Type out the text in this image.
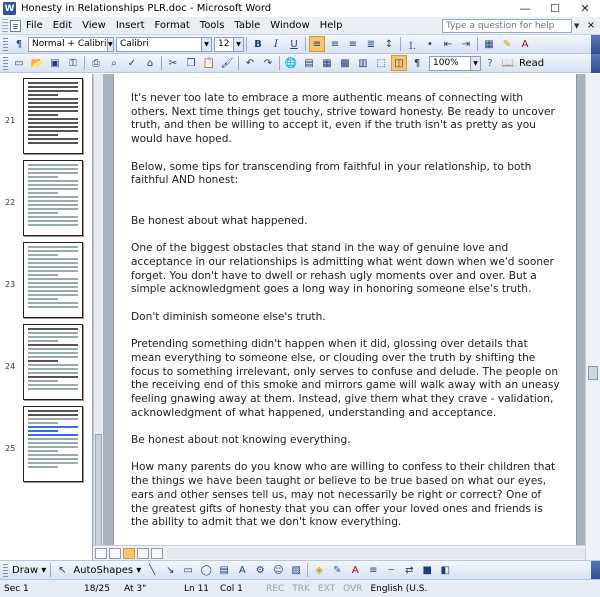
W Honesty in Relationships PLR.doc - Microsoft Word	—	☐	✕
File	Edit	View	Insert	Format	Tools	Table	Window	Help	Type a question for help	▼ ×
¶	Normal + Calibri ▼ Calibri	▼ 12	▼	B	I	U	≡ ≡ ≡ ≣ ↕	⒈	•	⇤ ⇥	▦ ✎	A
▭ 📂 ▣ ⚿	⎙	⌕	✓	⌂	✂ ❐ 📋 🖌	↶ ↷	🌐 ▤ ▦ ▩ ▥ ⬚ ◫	¶	100%	▼ ? 📖 Read
21
22
23
24
25

It's never too late to embrace a more authentic means of connecting with others. Next time things get touchy, strive toward honesty. Be ready to uncover truth, and then be willing to accept it, even if the truth isn't as pretty as you would have hoped.

Below, some tips for transcending from faithful in your relationship, to both faithful AND honest:

Be honest about what happened.

One of the biggest obstacles that stand in the way of genuine love and acceptance in our relationships is admitting what went down when we'd sooner forget. You don't have to dwell or rehash ugly moments over and over. But a simple acknowledgment goes a long way in honoring someone else's truth.

Don't diminish someone else's truth.

Pretending something didn't happen when it did, glossing over details that mean everything to someone else, or clouding over the truth by shifting the focus to something irrelevant, only serves to confuse and delude. The people on the receiving end of this smoke and mirrors game will walk away with an uneasy feeling gnawing away at them. Instead, give them what they crave - validation, acknowledgment of what happened, understanding and acceptance.

Be honest about not knowing everything.

How many parents do you know who are willing to confess to their children that the things we have been taught or believe to be true based on what our eyes, ears and other senses tell us, may not necessarily be right or correct? One of the greatest gifts of honesty that you can offer your loved ones and friends is the ability to admit that we don't know everything.

Draw ▾	↖ AutoShapes ▾ ╲	↘ ▭ ◯ ▤ A	⚙ ☺ ▨	◈ ✎	A	≡	┄	⇄ ■ ◧
Sec 1	18/25	At 3"	Ln 11	Col 1	REC TRK EXT OVR English (U.S.
